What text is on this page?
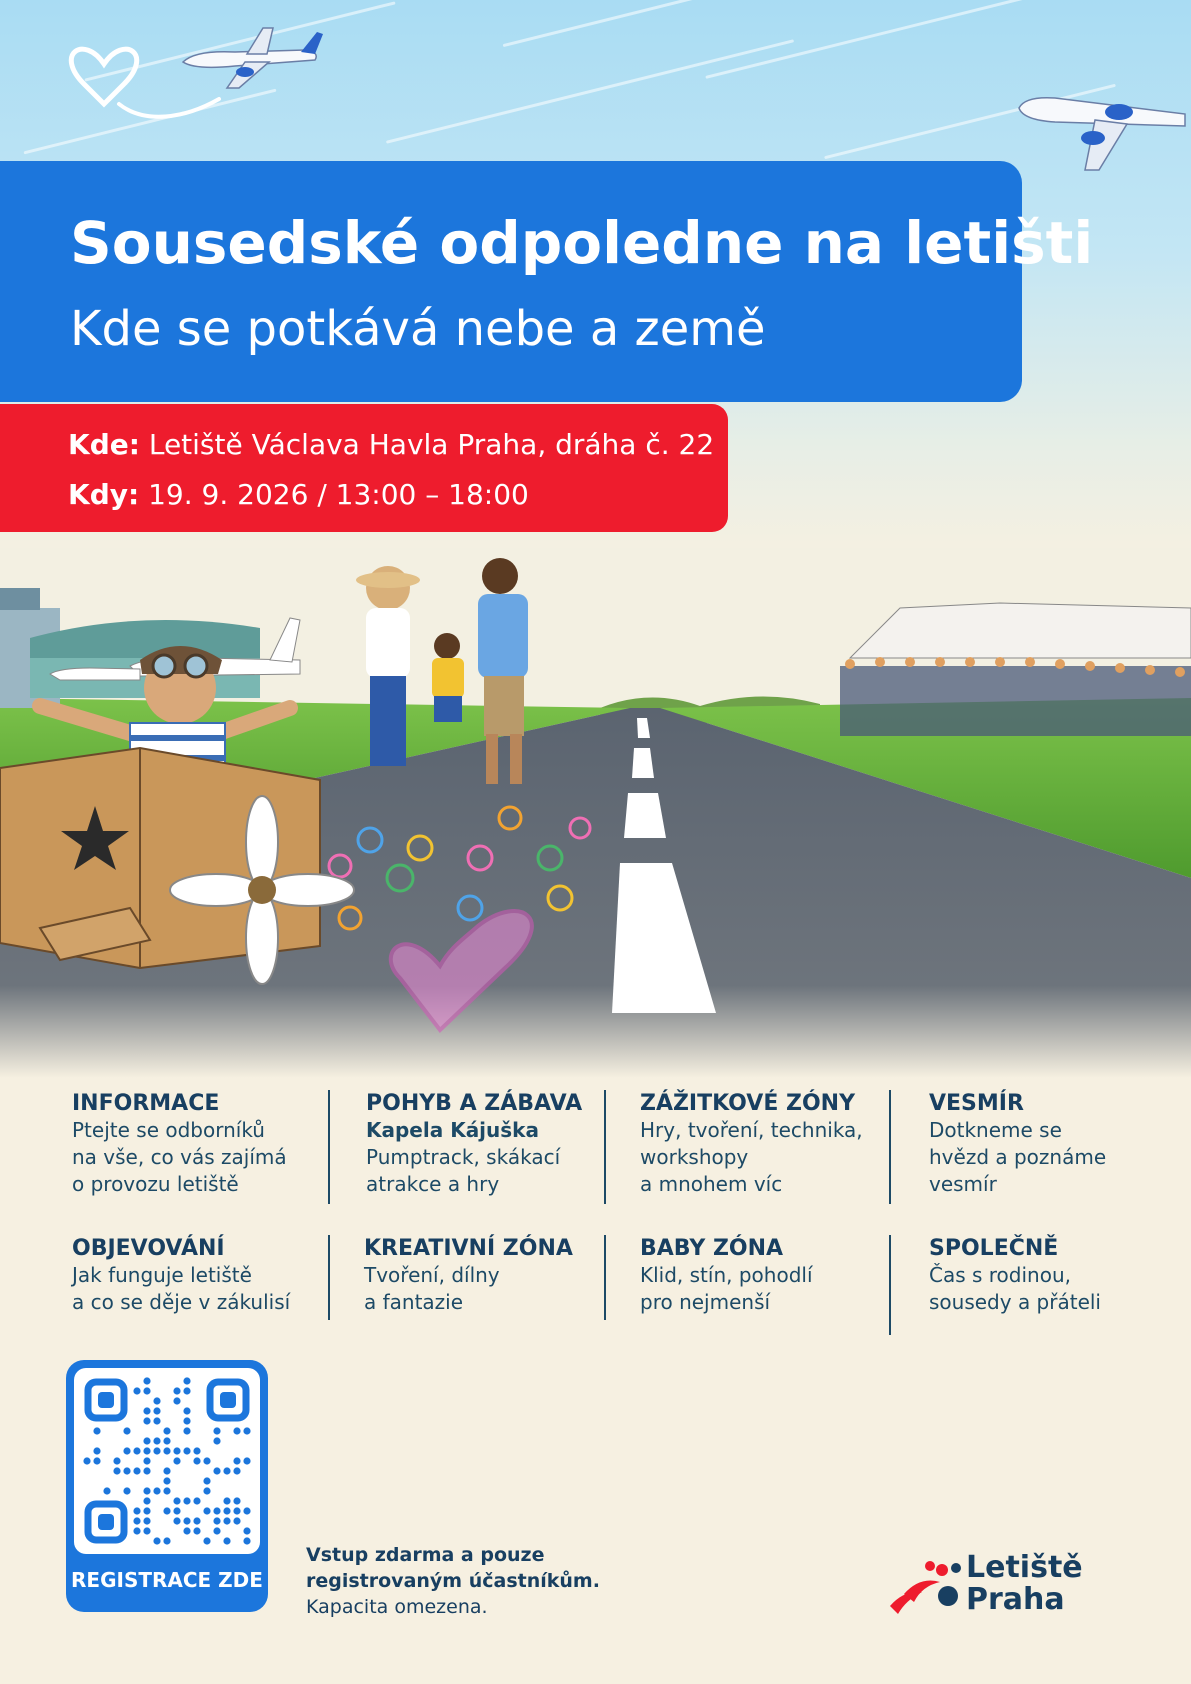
Sousedské odpoledne na letišti
Kde se potkává nebe a země
Kde: Letiště Václava Havla Praha, dráha č. 22
Kdy: 19. 9. 2026 / 13:00 – 18:00
INFORMACE
Ptejte se odborníků
na vše, co vás zajímá
o provozu letiště
POHYB A ZÁBAVA
Kapela Kájuška
Pumptrack, skákací
atrakce a hry
ZÁŽITKOVÉ ZÓNY
Hry, tvoření, technika,
workshopy
a mnohem víc
VESMÍR
Dotkneme se
hvězd a poznáme
vesmír
OBJEVOVÁNÍ
Jak funguje letiště
a co se děje v zákulisí
KREATIVNÍ ZÓNA
Tvoření, dílny
a fantazie
BABY ZÓNA
Klid, stín, pohodlí
pro nejmenší
SPOLEČNĚ
Čas s rodinou,
sousedy a přáteli
REGISTRACE ZDE
Vstup zdarma a pouze
registrovaným účastníkům.
Kapacita omezena.
Letiště
Praha
